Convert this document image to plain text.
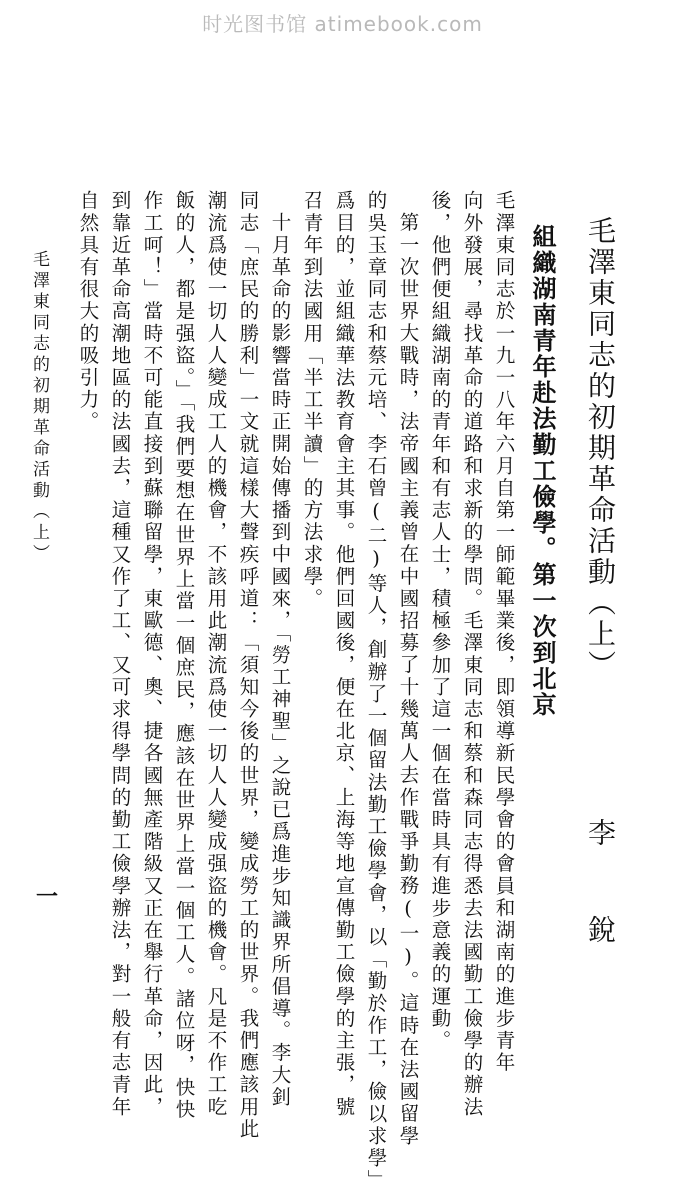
时光图书馆 atimebook.com
毛澤東同志的初期革命活動（上）
李 銳
組織湖南青年赴法勤工儉學。第一次到北京
毛澤東同志於一九一八年六月自第一師範畢業後，即領導新民學會的會員和湖南的進步青年
向外發展，尋找革命的道路和求新的學問。毛澤東同志和蔡和森同志得悉去法國勤工儉學的辦法
後，他們便組織湖南的青年和有志人士，積極參加了這一個在當時具有進步意義的運動。
第一次世界大戰時，法帝國主義曾在中國招募了十幾萬人去作戰爭勤務(一)。這時在法國留學
的吳玉章同志和蔡元培、李石曾(二)等人，創辦了一個留法勤工儉學會，以「勤於作工，儉以求學」
爲目的，並組織華法教育會主其事。他們回國後，便在北京、上海等地宣傳勤工儉學的主張，號
召青年到法國用「半工半讀」的方法求學。
十月革命的影響當時正開始傳播到中國來，「勞工神聖」之說已爲進步知識界所倡導。李大釗
同志「庶民的勝利」一文就這樣大聲疾呼道：「須知今後的世界，變成勞工的世界。我們應該用此
潮流爲使一切人人變成工人的機會，不該用此潮流爲使一切人人變成强盜的機會。凡是不作工吃
飯的人，都是强盜。」「我們要想在世界上當一個庶民，應該在世界上當一個工人。諸位呀，快快
作工呵！」當時不可能直接到蘇聯留學，東歐德、奧、捷各國無產階級又正在舉行革命，因此，
到靠近革命高潮地區的法國去，這種又作了工、又可求得學問的勤工儉學辦法，對一般有志青年
自然具有很大的吸引力。
毛澤東同志的初期革命活動（上）
一
